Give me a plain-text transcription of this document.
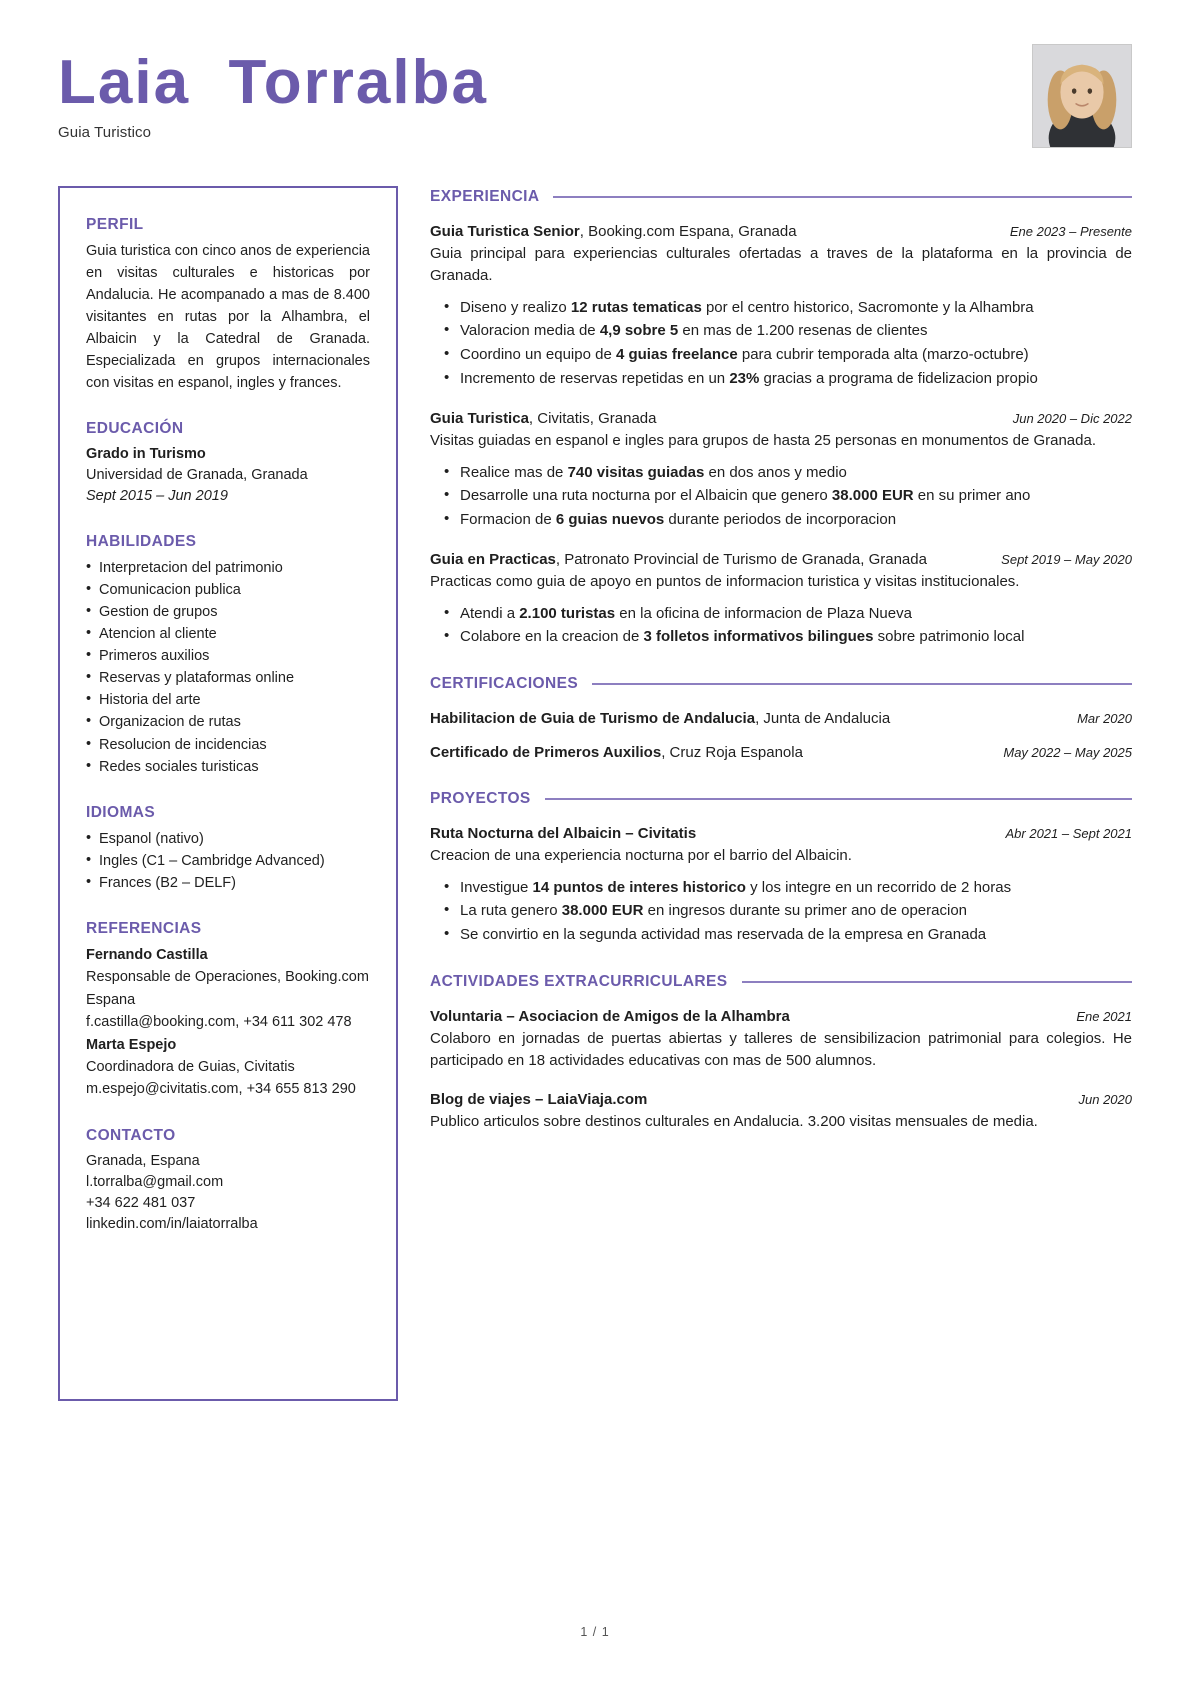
Laia  Torralba
Guia Turistico
PERFIL

Guia turistica con cinco anos de experiencia en visitas culturales e historicas por Andalucia. He acompanado a mas de 8.400 visitantes en rutas por la Alhambra, el Albaicin y la Catedral de Granada. Especializada en grupos internacionales con visitas en espanol, ingles y frances.

EDUCACIÓN
Grado in Turismo
Universidad de Granada, Granada
Sept 2015 – Jun 2019
HABILIDADES
• Interpretacion del patrimonio
• Comunicacion publica
• Gestion de grupos
• Atencion al cliente
• Primeros auxilios
• Reservas y plataformas online
• Historia del arte
• Organizacion de rutas
• Resolucion de incidencias
• Redes sociales turisticas
IDIOMAS
• Espanol (nativo)
• Ingles (C1 – Cambridge Advanced)
• Frances (B2 – DELF)
REFERENCIAS
Fernando Castilla
Responsable de Operaciones, Booking.com Espana
f.castilla@booking.com, +34 611 302 478
Marta Espejo
Coordinadora de Guias, Civitatis
m.espejo@civitatis.com, +34 655 813 290
CONTACTO
Granada, Espana
l.torralba@gmail.com
+34 622 481 037
linkedin.com/in/laiatorralba
EXPERIENCIA
Guia Turistica Senior, Booking.com Espana, Granada	Ene 2023 – Presente
Guia principal para experiencias culturales ofertadas a traves de la plataforma en la provincia de Granada.
• Diseno y realizo 12 rutas tematicas por el centro historico, Sacromonte y la Alhambra
• Valoracion media de 4,9 sobre 5 en mas de 1.200 resenas de clientes
• Coordino un equipo de 4 guias freelance para cubrir temporada alta (marzo-octubre)
• Incremento de reservas repetidas en un 23% gracias a programa de fidelizacion propio
Guia Turistica, Civitatis, Granada	Jun 2020 – Dic 2022
Visitas guiadas en espanol e ingles para grupos de hasta 25 personas en monumentos de Granada.
• Realice mas de 740 visitas guiadas en dos anos y medio
• Desarrolle una ruta nocturna por el Albaicin que genero 38.000 EUR en su primer ano
• Formacion de 6 guias nuevos durante periodos de incorporacion
Guia en Practicas, Patronato Provincial de Turismo de Granada, Granada	Sept 2019 – May 2020
Practicas como guia de apoyo en puntos de informacion turistica y visitas institucionales.
• Atendi a 2.100 turistas en la oficina de informacion de Plaza Nueva
• Colabore en la creacion de 3 folletos informativos bilingues sobre patrimonio local
CERTIFICACIONES
Habilitacion de Guia de Turismo de Andalucia, Junta de Andalucia	Mar 2020
Certificado de Primeros Auxilios, Cruz Roja Espanola	May 2022 – May 2025
PROYECTOS
Ruta Nocturna del Albaicin – Civitatis	Abr 2021 – Sept 2021
Creacion de una experiencia nocturna por el barrio del Albaicin.
• Investigue 14 puntos de interes historico y los integre en un recorrido de 2 horas
• La ruta genero 38.000 EUR en ingresos durante su primer ano de operacion
• Se convirtio en la segunda actividad mas reservada de la empresa en Granada
ACTIVIDADES EXTRACURRICULARES
Voluntaria – Asociacion de Amigos de la Alhambra	Ene 2021
Colaboro en jornadas de puertas abiertas y talleres de sensibilizacion patrimonial para colegios. He participado en 18 actividades educativas con mas de 500 alumnos.
Blog de viajes – LaiaViaja.com	Jun 2020
Publico articulos sobre destinos culturales en Andalucia. 3.200 visitas mensuales de media.
1 / 1
